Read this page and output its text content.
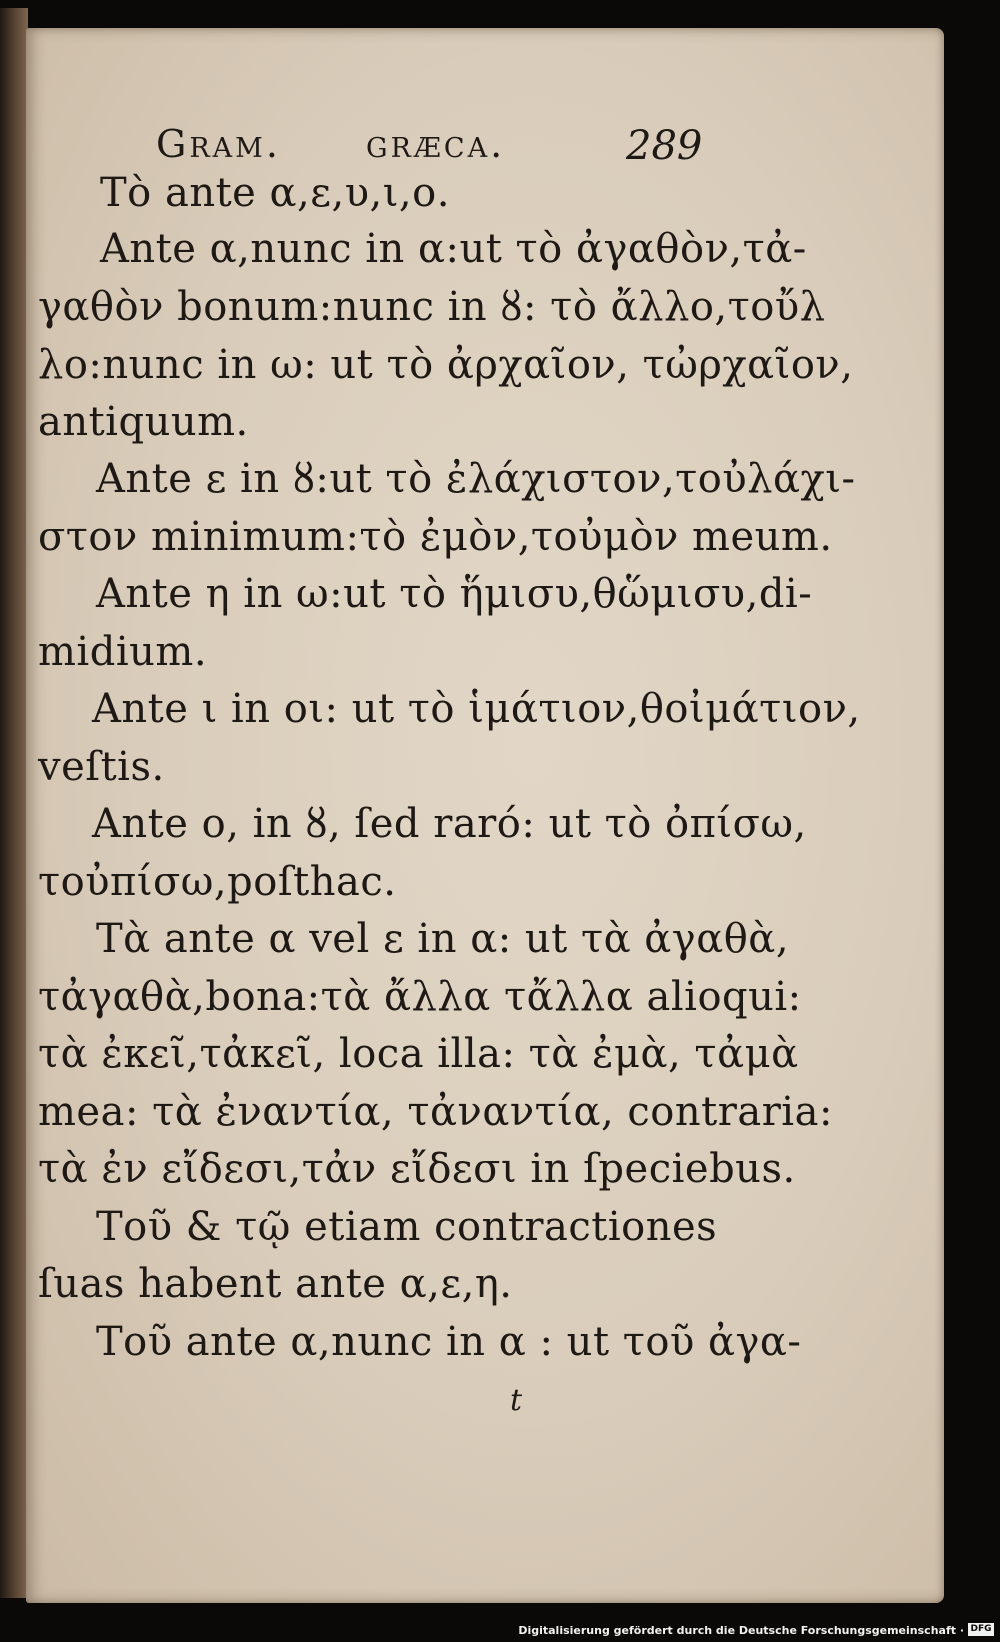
Gram. græca.	289
Τὸ ante α,ε,υ,ι,ο.
Ante α,nunc in α:ut τὸ ἀγαθὸν,τἀ-
γαθὸν bonum:nunc in ȣ: τὸ ἄλλο,τοὔλ
λο:nunc in ω: ut τὸ ἀρχαῖον, τὠρχαῖον,
antiquum.
Ante ε in ȣ:ut τὸ ἐλάχιστον,τοὐλάχι-
στον minimum:τὸ ἐμὸν,τοὐμὸν meum.
Ante η in ω:ut τὸ ἥμισυ,θὥμισυ,di-
midium.
Ante ι in οι: ut τὸ ἱμάτιον,θοἰμάτιον,
veſtis.
Ante ο, in ȣ, ſed raró: ut τὸ ὀπίσω,
τοὐπίσω,poſthac.
Τὰ ante α vel ε in α: ut τὰ ἀγαθὰ,
τἀγαθὰ,bona:τὰ ἄλλα τἄλλα alioqui:
τὰ ἐκεῖ,τἀκεῖ, loca illa: τὰ ἐμὰ, τἀμὰ
mea: τὰ ἐναντία, τἀναντία, contraria:
τὰ ἐν εἴδεσι,τἀν εἴδεσι in ſpeciebus.
Τοῦ & τῷ etiam contractiones
ſuas habent ante α,ε,η.
Τοῦ ante α,nunc in α : ut τοῦ ἀγα-
t
Digitalisierung gefördert durch die Deutsche Forschungsgemeinschaft · DFG
